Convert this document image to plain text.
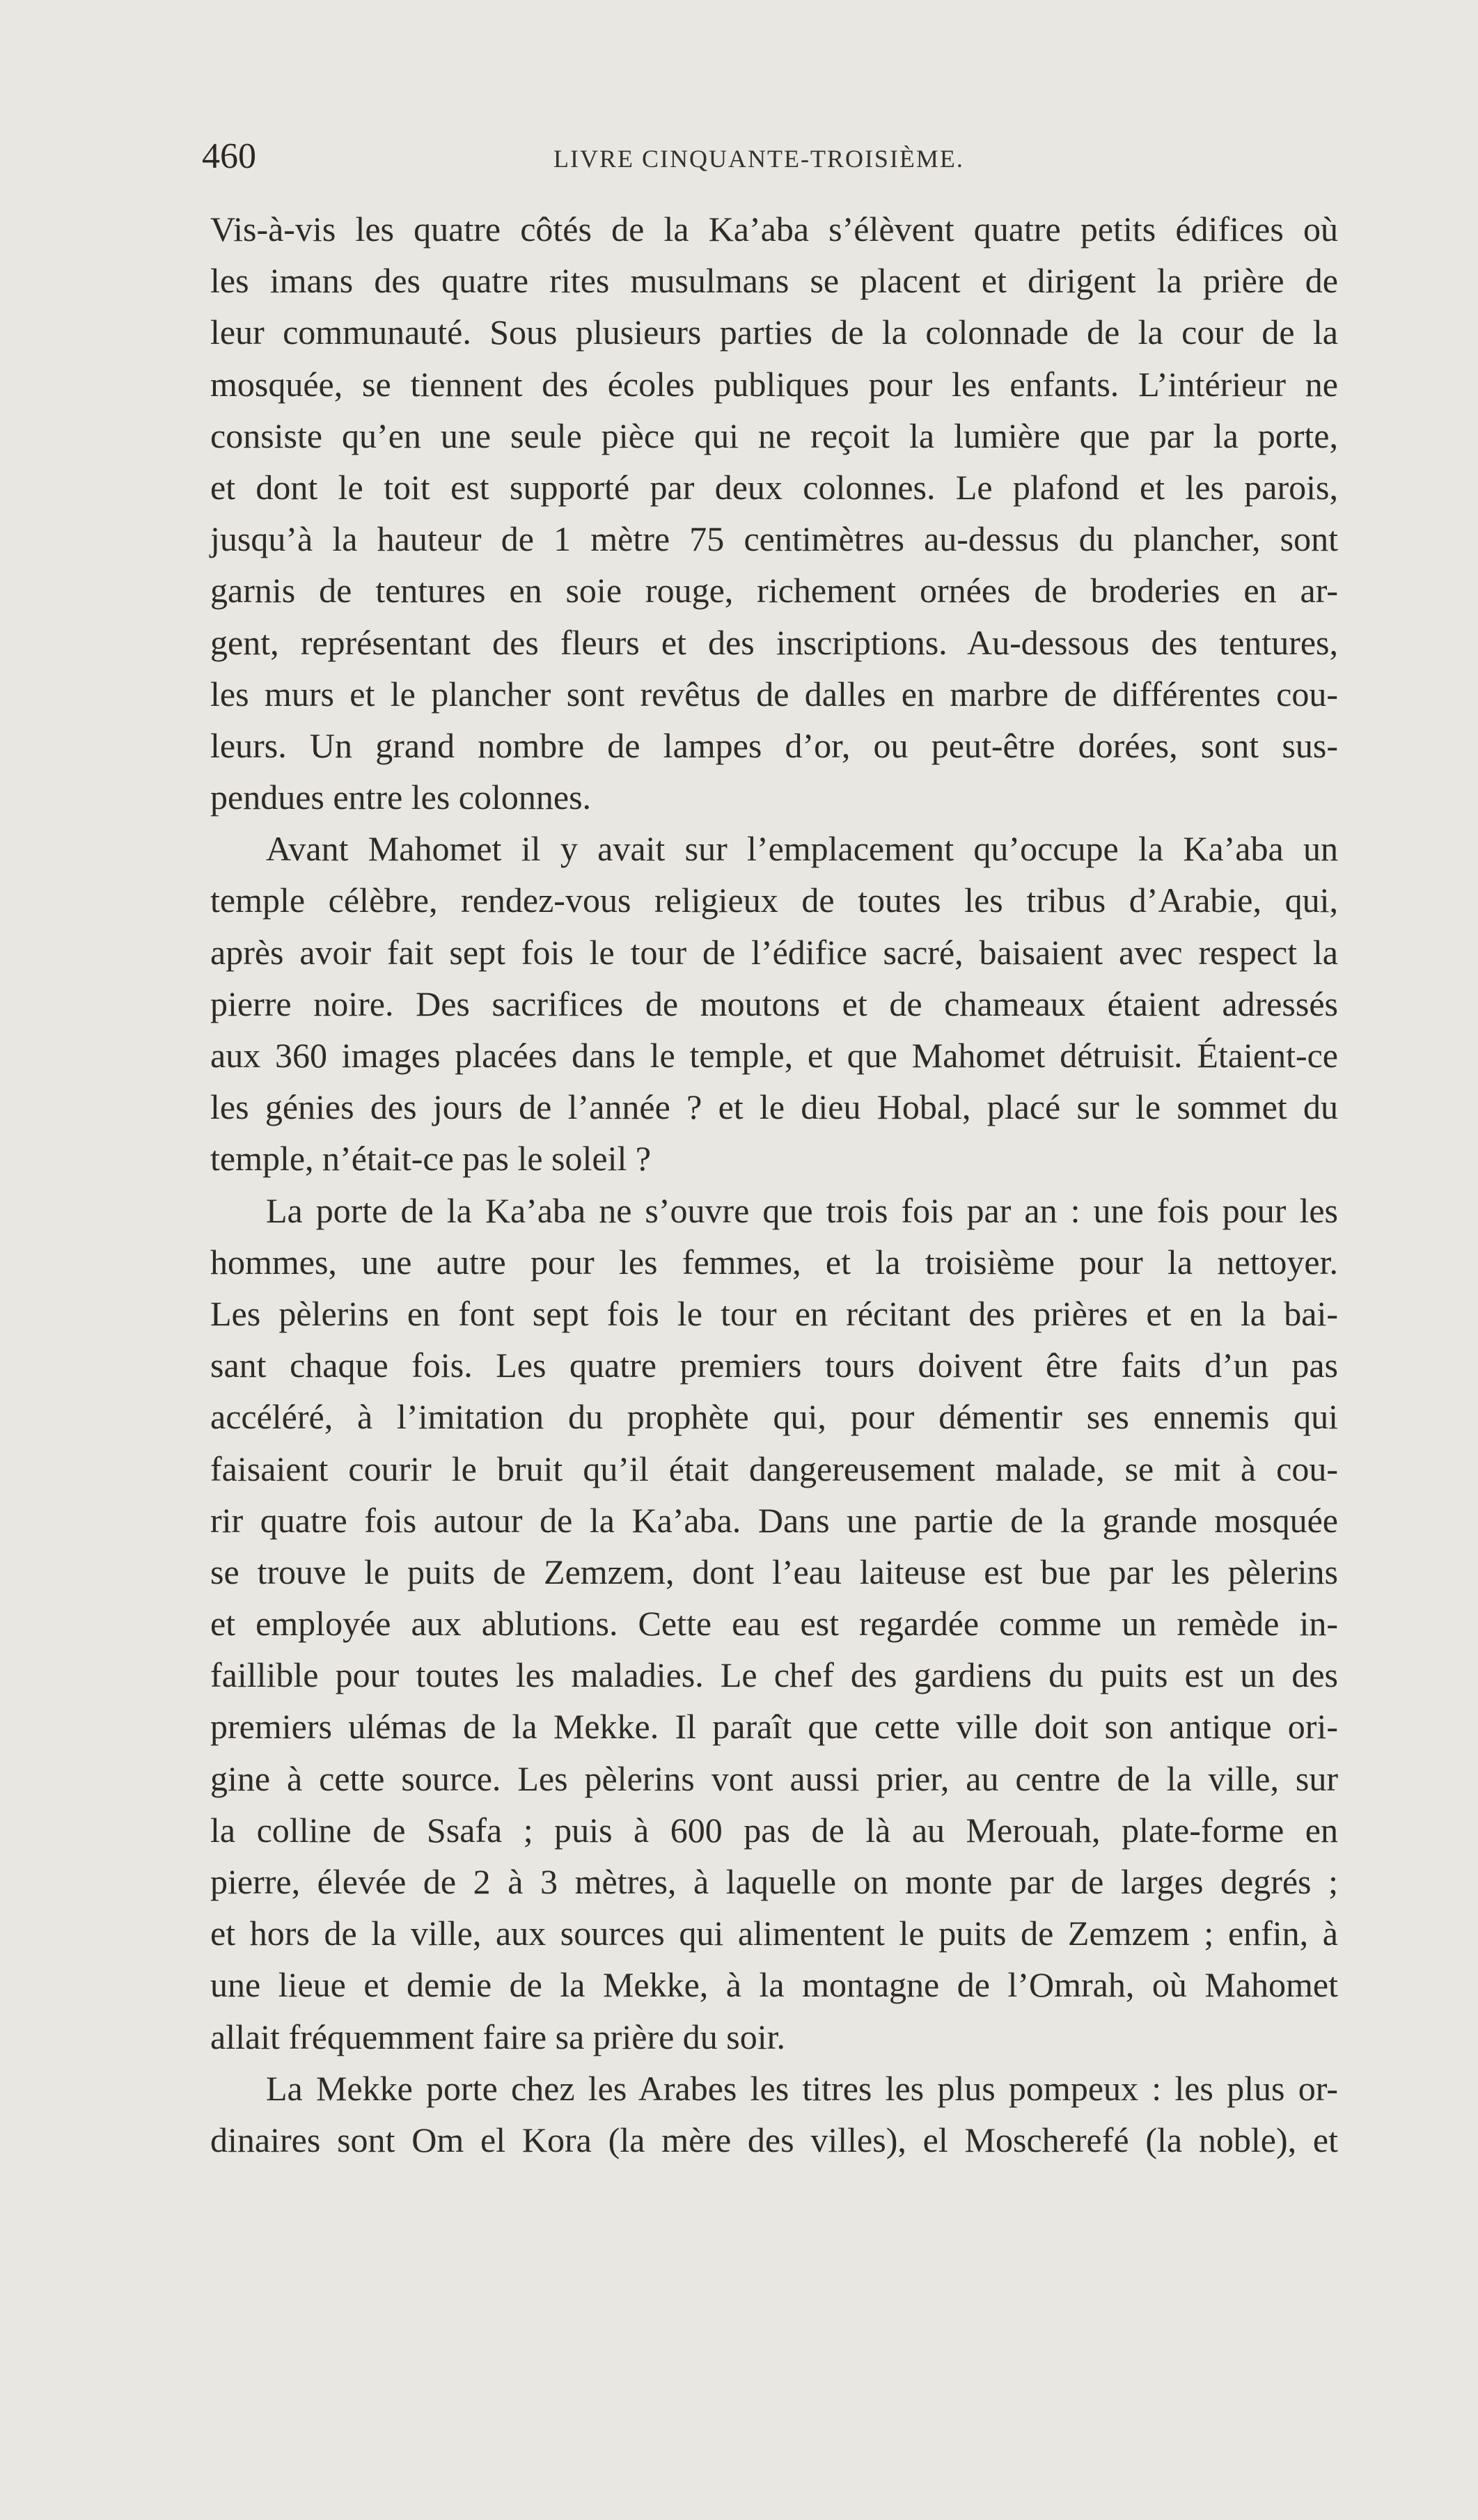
460	LIVRE CINQUANTE-TROISIÈME.
Vis-à-vis les quatre côtés de la Ka’aba s’élèvent quatre petits édifices où
les imans des quatre rites musulmans se placent et dirigent la prière de
leur communauté. Sous plusieurs parties de la colonnade de la cour de la
mosquée, se tiennent des écoles publiques pour les enfants. L’intérieur ne
consiste qu’en une seule pièce qui ne reçoit la lumière que par la porte,
et dont le toit est supporté par deux colonnes. Le plafond et les parois,
jusqu’à la hauteur de 1 mètre 75 centimètres au-dessus du plancher, sont
garnis de tentures en soie rouge, richement ornées de broderies en ar-
gent, représentant des fleurs et des inscriptions. Au-dessous des tentures,
les murs et le plancher sont revêtus de dalles en marbre de différentes cou-
leurs. Un grand nombre de lampes d’or, ou peut-être dorées, sont sus-
pendues entre les colonnes.
Avant Mahomet il y avait sur l’emplacement qu’occupe la Ka’aba un
temple célèbre, rendez-vous religieux de toutes les tribus d’Arabie, qui,
après avoir fait sept fois le tour de l’édifice sacré, baisaient avec respect la
pierre noire. Des sacrifices de moutons et de chameaux étaient adressés
aux 360 images placées dans le temple, et que Mahomet détruisit. Étaient-ce
les génies des jours de l’année ? et le dieu Hobal, placé sur le sommet du
temple, n’était-ce pas le soleil ?
La porte de la Ka’aba ne s’ouvre que trois fois par an : une fois pour les
hommes, une autre pour les femmes, et la troisième pour la nettoyer.
Les pèlerins en font sept fois le tour en récitant des prières et en la bai-
sant chaque fois. Les quatre premiers tours doivent être faits d’un pas
accéléré, à l’imitation du prophète qui, pour démentir ses ennemis qui
faisaient courir le bruit qu’il était dangereusement malade, se mit à cou-
rir quatre fois autour de la Ka’aba. Dans une partie de la grande mosquée
se trouve le puits de Zemzem, dont l’eau laiteuse est bue par les pèlerins
et employée aux ablutions. Cette eau est regardée comme un remède in-
faillible pour toutes les maladies. Le chef des gardiens du puits est un des
premiers ulémas de la Mekke. Il paraît que cette ville doit son antique ori-
gine à cette source. Les pèlerins vont aussi prier, au centre de la ville, sur
la colline de Ssafa ; puis à 600 pas de là au Merouah, plate-forme en
pierre, élevée de 2 à 3 mètres, à laquelle on monte par de larges degrés ;
et hors de la ville, aux sources qui alimentent le puits de Zemzem ; enfin, à
une lieue et demie de la Mekke, à la montagne de l’Omrah, où Mahomet
allait fréquemment faire sa prière du soir.
La Mekke porte chez les Arabes les titres les plus pompeux : les plus or-
dinaires sont Om el Kora (la mère des villes), el Moscherefé (la noble), et
